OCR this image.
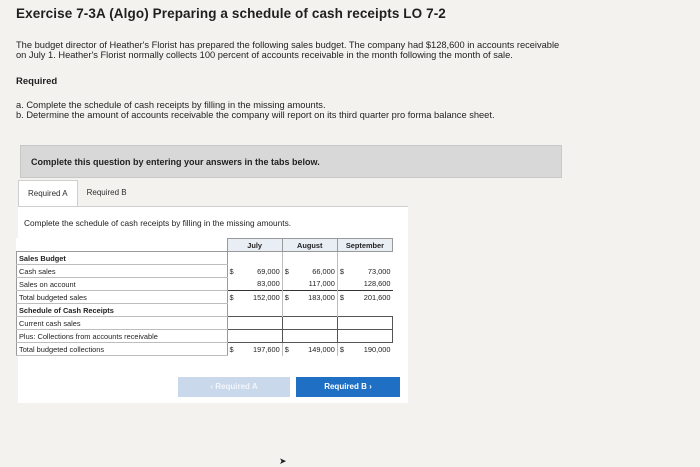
Exercise 7-3A (Algo) Preparing a schedule of cash receipts LO 7-2
The budget director of Heather's Florist has prepared the following sales budget. The company had $128,600 in accounts receivable
on July 1. Heather's Florist normally collects 100 percent of accounts receivable in the month following the month of sale.
Required
a. Complete the schedule of cash receipts by filling in the missing amounts.
b. Determine the amount of accounts receivable the company will report on its third quarter pro forma balance sheet.
Complete this question by entering your answers in the tabs below.
Required A	Required B
Complete the schedule of cash receipts by filling in the missing amounts.
	July	August	September
Sales Budget			
Cash sales	$ 69,000	$ 66,000	$ 73,000

Sales on account	83,000	117,000	128,600
Total budgeted sales	$ 152,000	$ 183,000	$ 201,600

Schedule of Cash Receipts			
Current cash sales			
Plus: Collections from accounts receivable			
Total budgeted collections	$ 197,600	$ 149,000	$ 190,000
‹ Required A	Required B ›
➤
